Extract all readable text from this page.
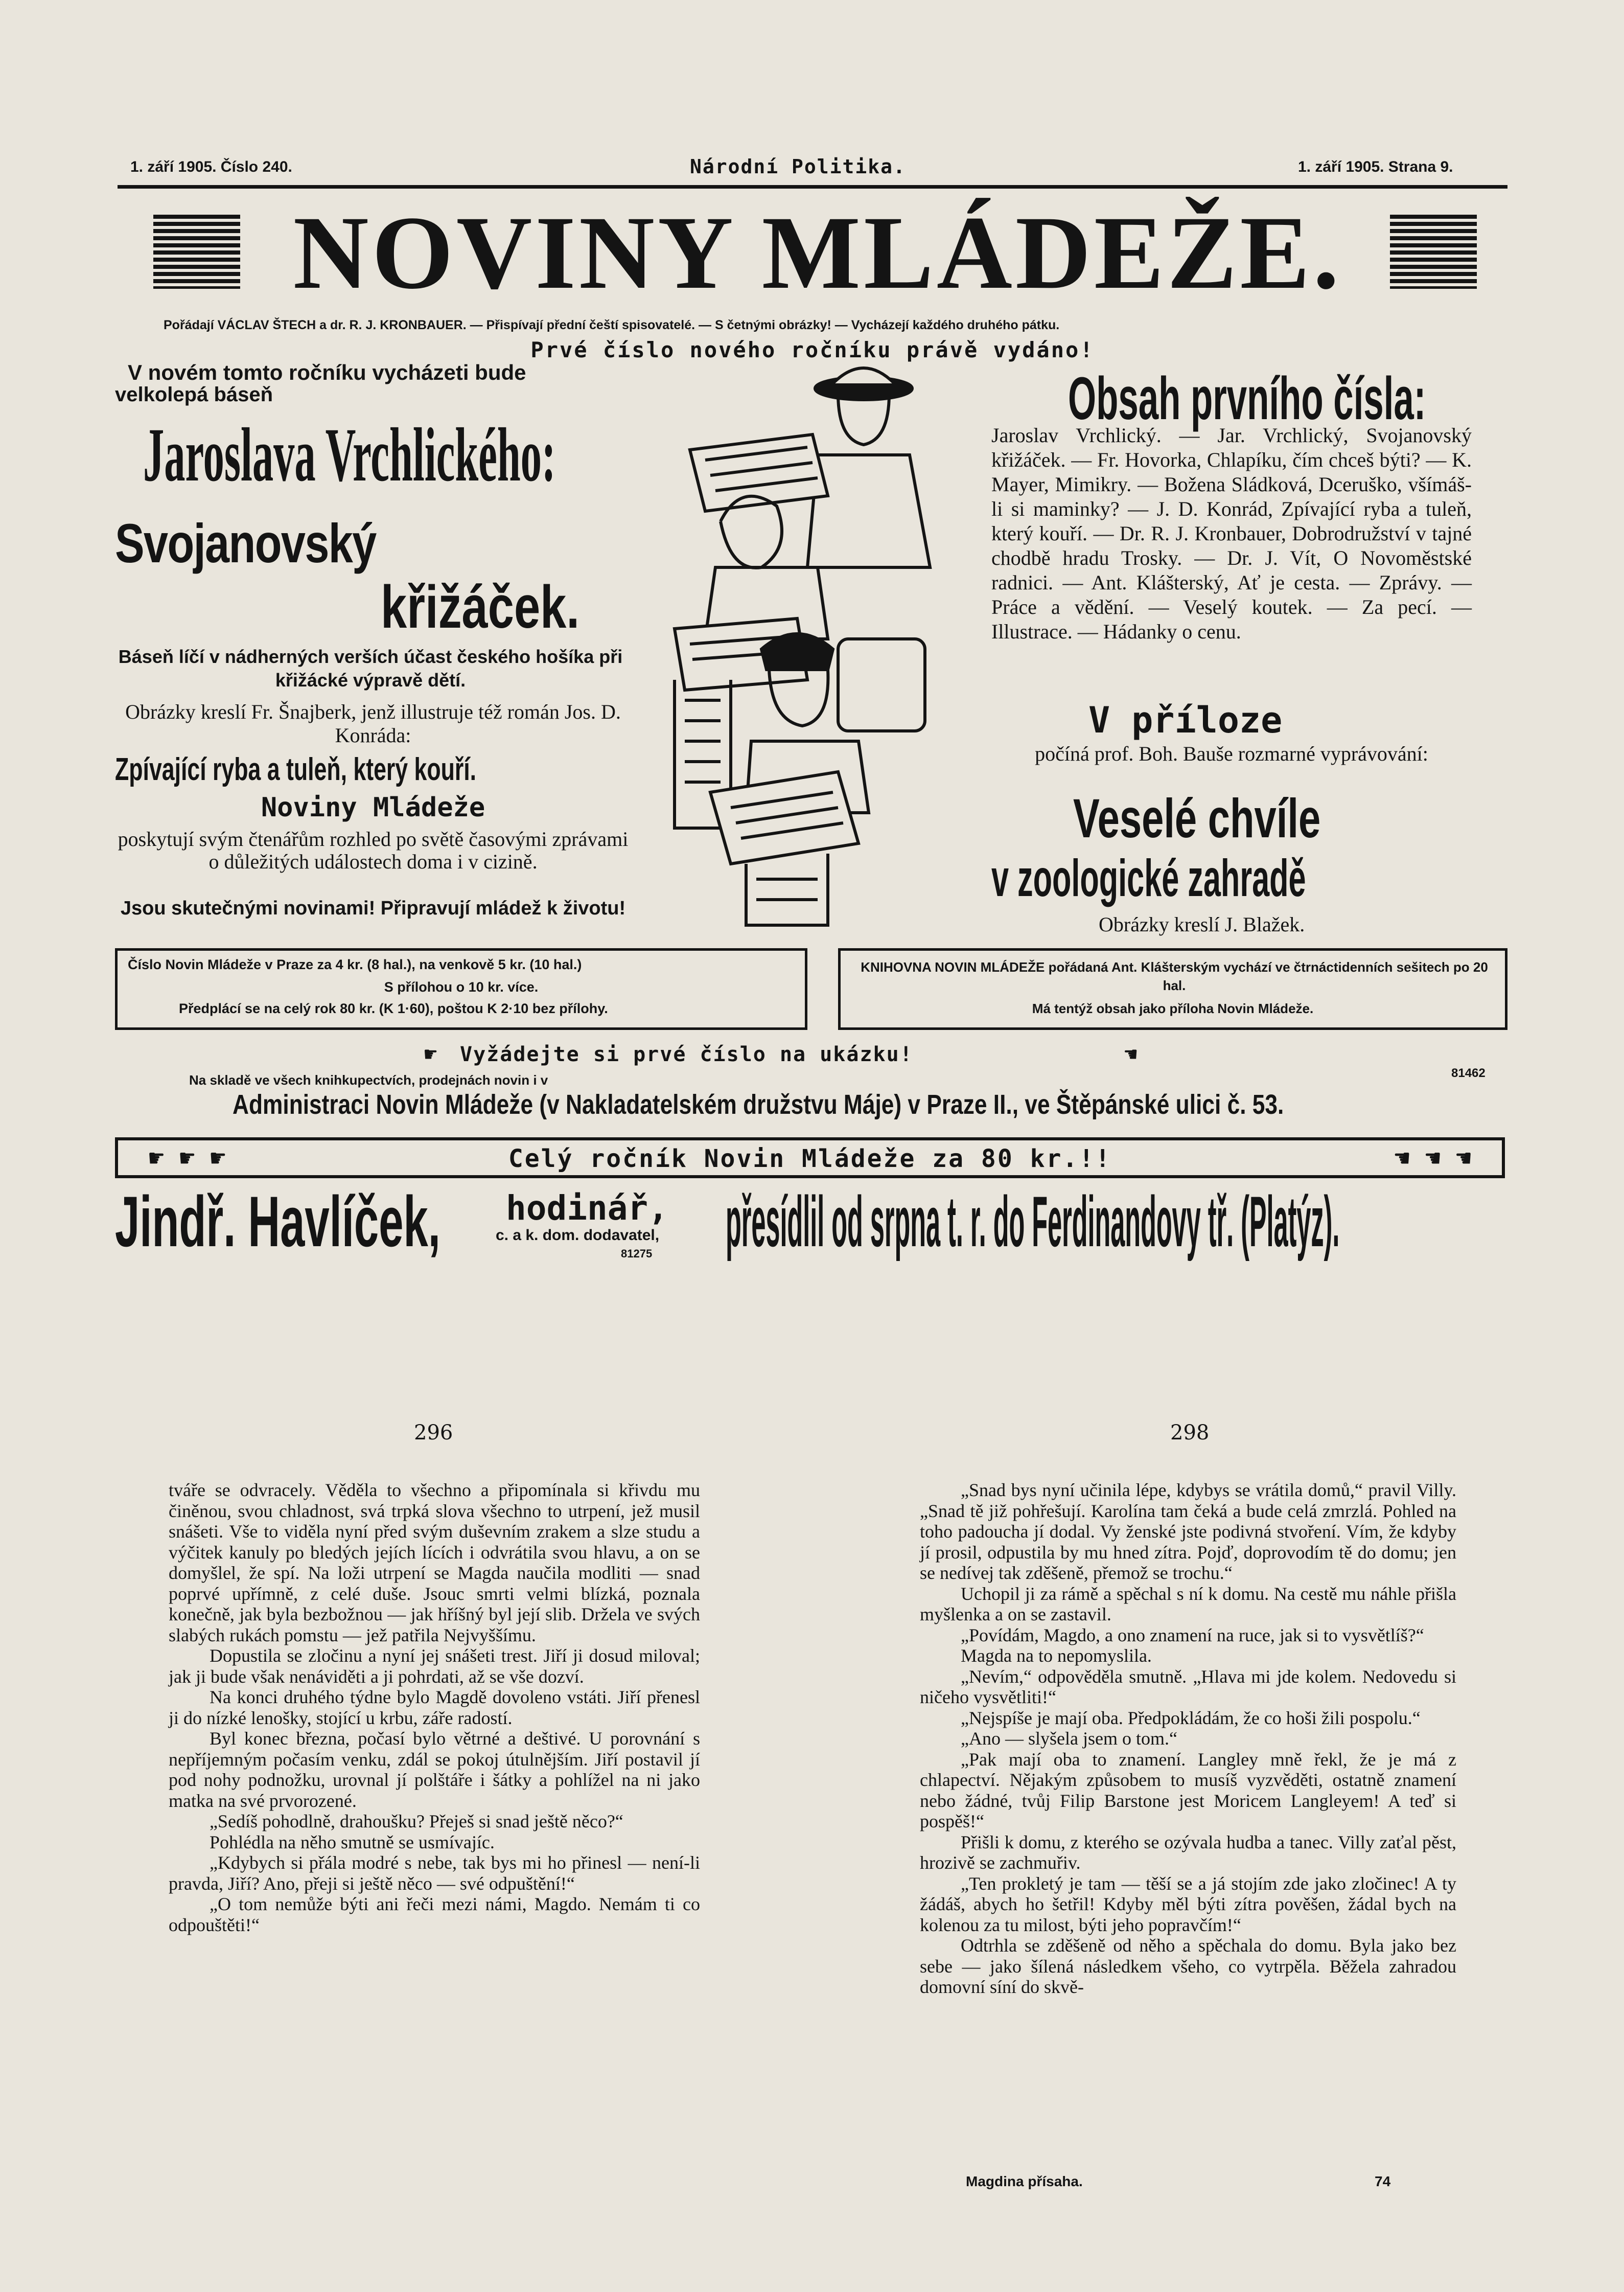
1. září 1905. Číslo 240.	Národní Politika.	1. září 1905. Strana 9.
NOVINY MLÁDEŽE.
Pořádají VÁCLAV ŠTECH a dr. R. J. KRONBAUER. — Přispívají přední čeští spisovatelé. — S četnými obrázky! — Vycházejí každého druhého pátku.
Prvé číslo nového ročníku právě vydáno!
V novém tomto ročníku vycházeti bude
velkolepá báseň
Jaroslava Vrchlického:
Svojanovský
křižáček.
Báseň líčí v nádherných verších účast českého hošíka při křižácké výpravě dětí.
Obrázky kreslí Fr. Šnajberk, jenž illustruje též román Jos. D. Konráda:
Zpívající ryba a tuleň, který kouří.
Noviny Mládeže
poskytují svým čtenářům rozhled po světě časovými zprávami o důležitých událostech doma i v cizině.
Jsou skutečnými novinami! Připravují mládež k životu!
Obsah prvního čísla:
Jaroslav Vrchlický. — Jar. Vrchlický, Svojanovský křižáček. — Fr. Hovorka, Chlapíku, čím chceš býti? — K. Mayer, Mimikry. — Božena Sládková, Dceruško, všímáš-li si maminky? — J. D. Konrád, Zpívající ryba a tuleň, který kouří. — Dr. R. J. Kronbauer, Dobrodružství v tajné chodbě hradu Trosky. — Dr. J. Vít, O Novoměstské radnici. — Ant. Klášterský, Ať je cesta. — Zprávy. — Práce a vědění. — Veselý koutek. — Za pecí. — Illustrace. — Hádanky o cenu.
V příloze
počíná prof. Boh. Bauše rozmarné vyprávování:
Veselé chvíle
v zoologické zahradě
Obrázky kreslí J. Blažek.
Číslo Novin Mládeže v Praze za 4 kr. (8 hal.), na venkově 5 kr. (10 hal.)
S přílohou o 10 kr. více.
Předplácí se na celý rok 80 kr. (K 1·60), poštou K 2·10 bez přílohy.
KNIHOVNA NOVIN MLÁDEŽE pořádaná Ant. Klášterským vychází ve čtrnáctidenních sešitech po 20 hal.
Má tentýž obsah jako příloha Novin Mládeže.
☛ Vyžádejte si prvé číslo na ukázku!	☚
Na skladě ve všech knihkupectvích, prodejnách novin i v	81462
Administraci Novin Mládeže (v Nakladatelském družstvu Máje) v Praze II., ve Štěpánské ulici č. 53.
☛ ☛ ☛	Celý ročník Novin Mládeže za 80 kr.!!	☚ ☚ ☚
Jindř. Havlíček, hodinář,
c. a k. dom. dodavatel,
81275 přesídlil od srpna t. r. do Ferdinandovy tř. (Platýz).
296	298

tváře se odvracely. Věděla to všechno a připomínala si křivdu mu činěnou, svou chladnost, svá trpká slova všechno to utrpení, jež musil snášeti. Vše to viděla nyní před svým duševním zrakem a slze studu a výčitek kanuly po bledých jejích lících i odvrátila svou hlavu, a on se domyšlel, že spí. Na loži utrpení se Magda naučila modliti — snad poprvé upřímně, z celé duše. Jsouc smrti velmi blízká, poznala konečně, jak byla bezbožnou — jak hříšný byl její slib. Držela ve svých slabých rukách pomstu — jež patřila Nejvyššímu.

Dopustila se zločinu a nyní jej snášeti trest. Jiří ji dosud miloval; jak ji bude však nenáviděti a ji pohrdati, až se vše dozví.

Na konci druhého týdne bylo Magdě dovoleno vstáti. Jiří přenesl ji do nízké lenošky, stojící u krbu, záře radostí.

Byl konec března, počasí bylo větrné a deštivé. U porovnání s nepříjemným počasím venku, zdál se pokoj útulnějším. Jiří postavil jí pod nohy podnožku, urovnal jí polštáře i šátky a pohlížel na ni jako matka na své prvorozené.

„Sedíš pohodlně, drahoušku? Přeješ si snad ještě něco?“

Pohlédla na něho smutně se usmívajíc.

„Kdybych si přála modré s nebe, tak bys mi ho přinesl — není-li pravda, Jiří? Ano, přeji si ještě něco — své odpuštění!“

„O tom nemůže býti ani řeči mezi námi, Magdo. Nemám ti co odpouštěti!“

„Snad bys nyní učinila lépe, kdybys se vrátila domů,“ pravil Villy. „Snad tě již pohřešují. Karolína tam čeká a bude celá zmrzlá. Pohled na toho padoucha jí dodal. Vy ženské jste podivná stvoření. Vím, že kdyby jí prosil, odpustila by mu hned zítra. Pojď, doprovodím tě do domu; jen se nedívej tak zděšeně, přemož se trochu.“

Uchopil ji za rámě a spěchal s ní k domu. Na cestě mu náhle přišla myšlenka a on se zastavil.

„Povídám, Magdo, a ono znamení na ruce, jak si to vysvětlíš?“

Magda na to nepomyslila.

„Nevím,“ odpověděla smutně. „Hlava mi jde kolem. Nedovedu si ničeho vysvětliti!“

„Nejspíše je mají oba. Předpokládám, že co hoši žili pospolu.“

„Ano — slyšela jsem o tom.“

„Pak mají oba to znamení. Langley mně řekl, že je má z chlapectví. Nějakým způsobem to musíš vyzvěděti, ostatně znamení nebo žádné, tvůj Filip Barstone jest Moricem Langleyem! A teď si pospěš!“

Přišli k domu, z kterého se ozývala hudba a tanec. Villy zaťal pěst, hrozivě se zachmuřiv.

„Ten prokletý je tam — těší se a já stojím zde jako zločinec! A ty žádáš, abych ho šetřil! Kdyby měl býti zítra pověšen, žádal bych na kolenou za tu milost, býti jeho popravčím!“

Odtrhla se zděšeně od něho a spěchala do domu. Byla jako bez sebe — jako šílená následkem všeho, co vytrpěla. Běžela zahradou domovní síní do skvě-

Magdina přísaha.	74
